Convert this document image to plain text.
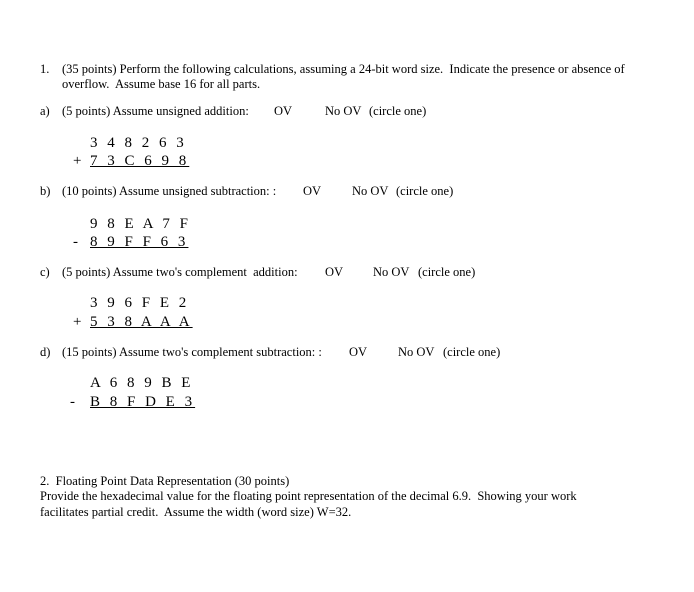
1. (35 points) Perform the following calculations, assuming a 24-bit word size.  Indicate the presence or absence of
overflow.  Assume base 16 for all parts.
a) (5 points) Assume unsigned addition: OV	No OV (circle one)
3 4 8 2 6 3
+ 7 3 C 6 9 8
b) (10 points) Assume unsigned subtraction: : OV No OV (circle one)
9 8 E A 7 F
- 8 9 F F 6 3
c) (5 points) Assume two's complement  addition: OV No OV (circle one)
3 9 6 F E 2
+ 5 3 8 A A A
d) (15 points) Assume two's complement subtraction: : OV No OV (circle one)
A 6 8 9 B E
- B 8 F D E 3
2.  Floating Point Data Representation (30 points)
Provide the hexadecimal value for the floating point representation of the decimal 6.9.  Showing your work
facilitates partial credit.  Assume the width (word size) W=32.
